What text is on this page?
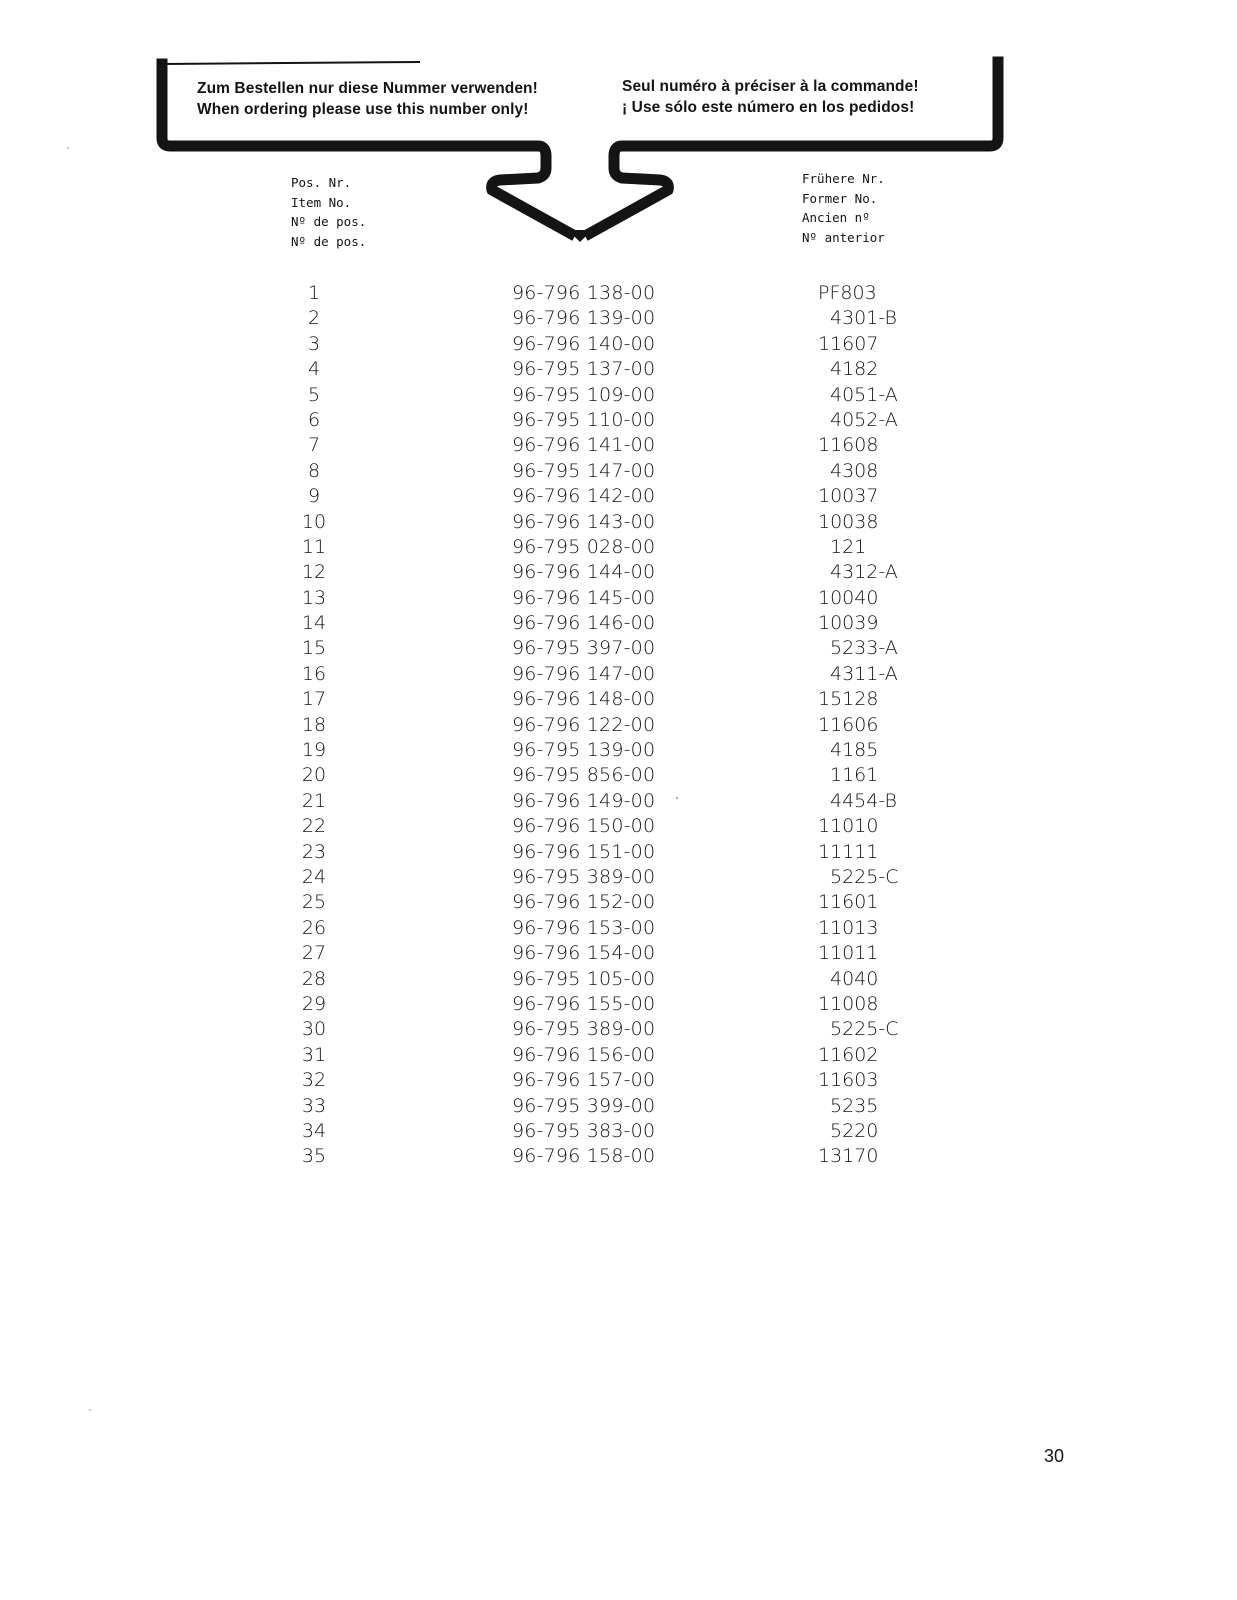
Zum Bestellen nur diese Nummer verwenden!
When ordering please use this number only!
Seul numéro à préciser à la commande!
¡ Use sólo este número en los pedidos!
Pos. Nr.
Item No.
Nº de pos.
Nº de pos.
Frühere Nr.
Former No.
Ancien nº
Nº anterior
1	96-796 138-00	PF803
2	96-796 139-00	4301-B
3	96-796 140-00	11607
4	96-795 137-00	4182
5	96-795 109-00	4051-A
6	96-795 110-00	4052-A
7	96-796 141-00	11608
8	96-795 147-00	4308
9	96-796 142-00	10037
10	96-796 143-00	10038
11	96-795 028-00	121
12	96-796 144-00	4312-A
13	96-796 145-00	10040
14	96-796 146-00	10039
15	96-795 397-00	5233-A
16	96-796 147-00	4311-A
17	96-796 148-00	15128
18	96-796 122-00	11606
19	96-795 139-00	4185
20	96-795 856-00	1161
21	96-796 149-00	4454-B
22	96-796 150-00	11010
23	96-796 151-00	11111
24	96-795 389-00	5225-C
25	96-796 152-00	11601
26	96-796 153-00	11013
27	96-796 154-00	11011
28	96-795 105-00	4040
29	96-796 155-00	11008
30	96-795 389-00	5225-C
31	96-796 156-00	11602
32	96-796 157-00	11603
33	96-795 399-00	5235
34	96-795 383-00	5220
35	96-796 158-00	13170
30
·
·
·
